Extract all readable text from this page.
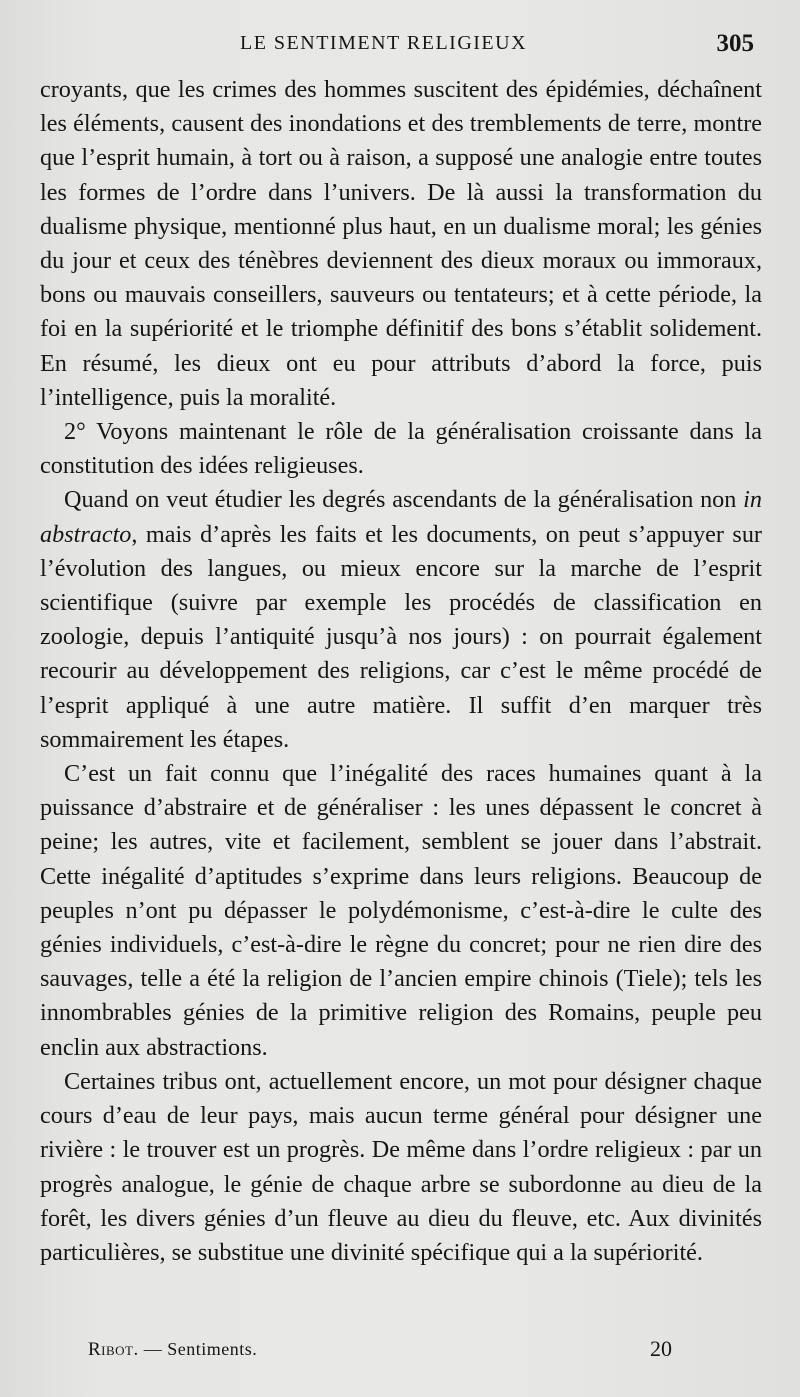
LE SENTIMENT RELIGIEUX	305

croyants, que les crimes des hommes suscitent des épidémies, déchaînent les éléments, causent des inondations et des tremblements de terre, montre que l’esprit humain, à tort ou à raison, a supposé une analogie entre toutes les formes de l’ordre dans l’univers. De là aussi la transformation du dualisme physique, mentionné plus haut, en un dualisme moral; les génies du jour et ceux des ténèbres deviennent des dieux moraux ou immoraux, bons ou mauvais conseillers, sauveurs ou tentateurs; et à cette période, la foi en la supériorité et le triomphe définitif des bons s’établit solidement. En résumé, les dieux ont eu pour attributs d’abord la force, puis l’intelligence, puis la moralité.

2° Voyons maintenant le rôle de la généralisation croissante dans la constitution des idées religieuses.

Quand on veut étudier les degrés ascendants de la généralisation non in abstracto, mais d’après les faits et les documents, on peut s’appuyer sur l’évolution des langues, ou mieux encore sur la marche de l’esprit scientifique (suivre par exemple les procédés de classification en zoologie, depuis l’antiquité jusqu’à nos jours) : on pourrait également recourir au développement des religions, car c’est le même procédé de l’esprit appliqué à une autre matière. Il suffit d’en marquer très sommairement les étapes.

C’est un fait connu que l’inégalité des races humaines quant à la puissance d’abstraire et de généraliser : les unes dépassent le concret à peine; les autres, vite et facilement, semblent se jouer dans l’abstrait. Cette inégalité d’aptitudes s’exprime dans leurs religions. Beaucoup de peuples n’ont pu dépasser le polydémonisme, c’est-à-dire le culte des génies individuels, c’est-à-dire le règne du concret; pour ne rien dire des sauvages, telle a été la religion de l’ancien empire chinois (Tiele); tels les innombrables génies de la primitive religion des Romains, peuple peu enclin aux abstractions.

Certaines tribus ont, actuellement encore, un mot pour désigner chaque cours d’eau de leur pays, mais aucun terme général pour désigner une rivière : le trouver est un progrès. De même dans l’ordre religieux : par un progrès analogue, le génie de chaque arbre se subordonne au dieu de la forêt, les divers génies d’un fleuve au dieu du fleuve, etc. Aux divinités particulières, se substitue une divinité spécifique qui a la supériorité.

Ribot. — Sentiments.	20
